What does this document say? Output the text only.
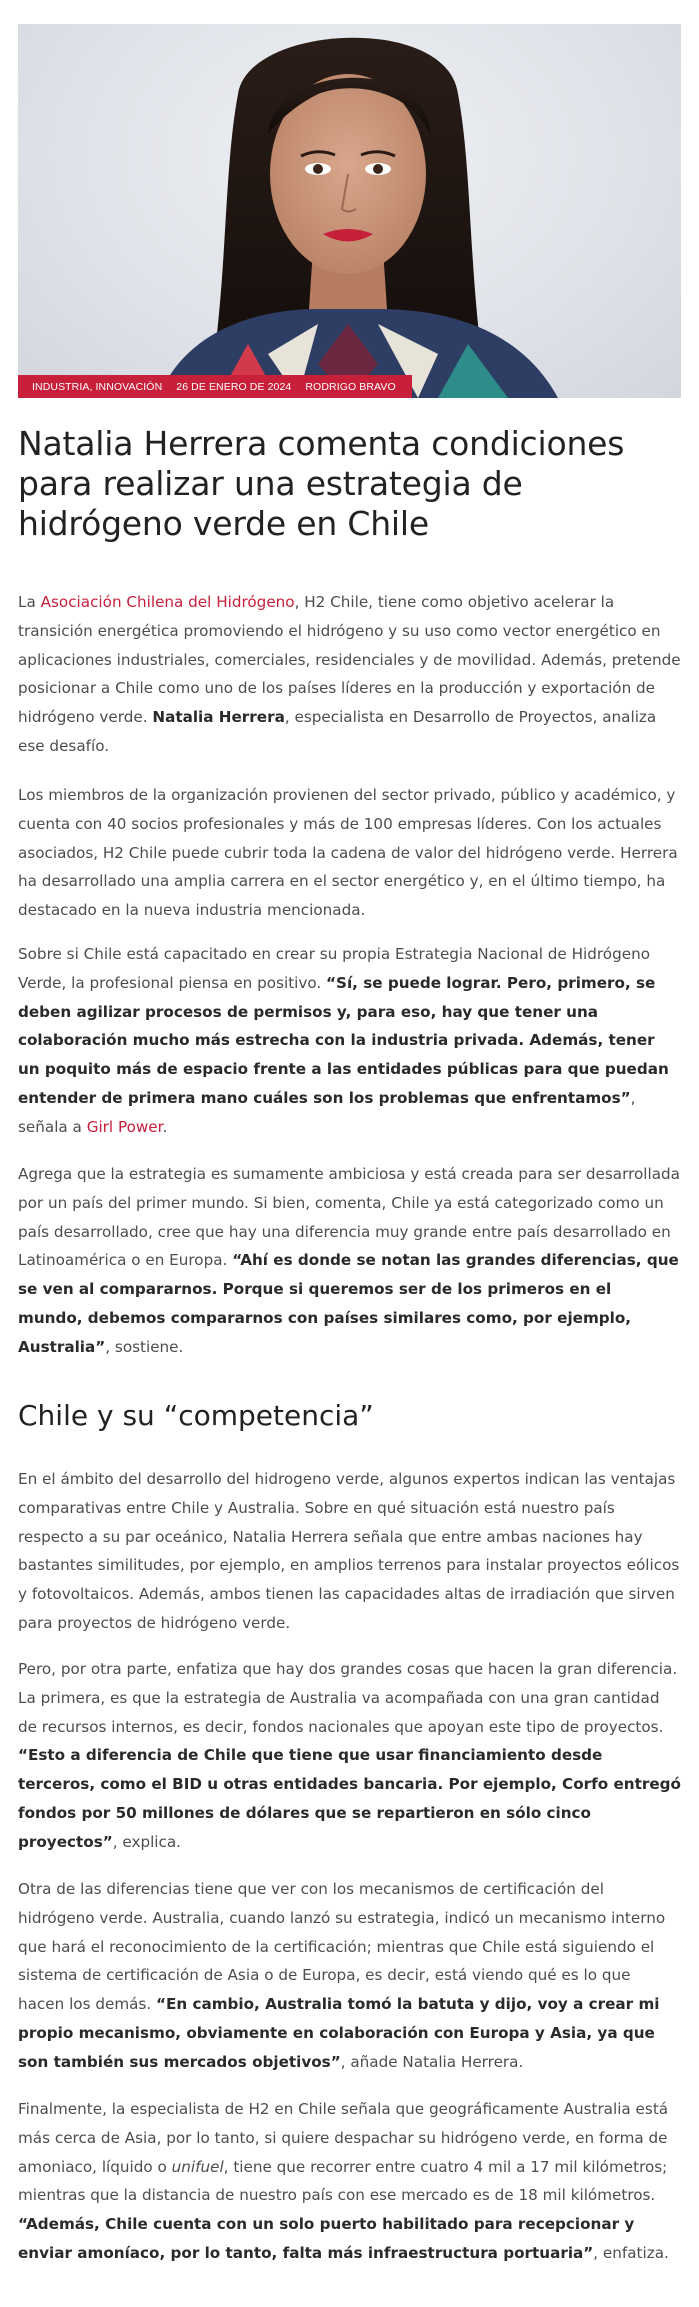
INDUSTRIA, INNOVACIÓN 26 DE ENERO DE 2024 RODRIGO BRAVO
Natalia Herrera comenta condiciones para realizar una estrategia de hidrógeno verde en Chile

La Asociación Chilena del Hidrógeno, H2 Chile, tiene como objetivo acelerar la transición energética promoviendo el hidrógeno y su uso como vector energético en aplicaciones industriales, comerciales, residenciales y de movilidad. Además, pretende posicionar a Chile como uno de los países líderes en la producción y exportación de hidrógeno verde. Natalia Herrera, especialista en Desarrollo de Proyectos, analiza ese desafío.

Los miembros de la organización provienen del sector privado, público y académico, y cuenta con 40 socios profesionales y más de 100 empresas líderes. Con los actuales asociados, H2 Chile puede cubrir toda la cadena de valor del hidrógeno verde. Herrera ha desarrollado una amplia carrera en el sector energético y, en el último tiempo, ha destacado en la nueva industria mencionada.

Sobre si Chile está capacitado en crear su propia Estrategia Nacional de Hidrógeno Verde, la profesional piensa en positivo. “Sí, se puede lograr. Pero, primero, se deben agilizar procesos de permisos y, para eso, hay que tener una colaboración mucho más estrecha con la industria privada. Además, tener un poquito más de espacio frente a las entidades públicas para que puedan entender de primera mano cuáles son los problemas que enfrentamos”, señala a Girl Power.

Agrega que la estrategia es sumamente ambiciosa y está creada para ser desarrollada por un país del primer mundo. Si bien, comenta, Chile ya está categorizado como un país desarrollado, cree que hay una diferencia muy grande entre país desarrollado en Latinoamérica o en Europa. “Ahí es donde se notan las grandes diferencias, que se ven al compararnos. Porque si queremos ser de los primeros en el mundo, debemos compararnos con países similares como, por ejemplo, Australia”, sostiene.

Chile y su “competencia”

En el ámbito del desarrollo del hidrogeno verde, algunos expertos indican las ventajas comparativas entre Chile y Australia. Sobre en qué situación está nuestro país respecto a su par oceánico, Natalia Herrera señala que entre ambas naciones hay bastantes similitudes, por ejemplo, en amplios terrenos para instalar proyectos eólicos y fotovoltaicos. Además, ambos tienen las capacidades altas de irradiación que sirven para proyectos de hidrógeno verde.

Pero, por otra parte, enfatiza que hay dos grandes cosas que hacen la gran diferencia. La primera, es que la estrategia de Australia va acompañada con una gran cantidad de recursos internos, es decir, fondos nacionales que apoyan este tipo de proyectos. “Esto a diferencia de Chile que tiene que usar financiamiento desde terceros, como el BID u otras entidades bancaria. Por ejemplo, Corfo entregó fondos por 50 millones de dólares que se repartieron en sólo cinco proyectos”, explica.

Otra de las diferencias tiene que ver con los mecanismos de certificación del hidrógeno verde. Australia, cuando lanzó su estrategia, indicó un mecanismo interno que hará el reconocimiento de la certificación; mientras que Chile está siguiendo el sistema de certificación de Asia o de Europa, es decir, está viendo qué es lo que hacen los demás. “En cambio, Australia tomó la batuta y dijo, voy a crear mi propio mecanismo, obviamente en colaboración con Europa y Asia, ya que son también sus mercados objetivos”, añade Natalia Herrera.

Finalmente, la especialista de H2 en Chile señala que geográficamente Australia está más cerca de Asia, por lo tanto, si quiere despachar su hidrógeno verde, en forma de amoniaco, líquido o unifuel, tiene que recorrer entre cuatro 4 mil a 17 mil kilómetros; mientras que la distancia de nuestro país con ese mercado es de 18 mil kilómetros. “Además, Chile cuenta con un solo puerto habilitado para recepcionar y enviar amoníaco, por lo tanto, falta más infraestructura portuaria”, enfatiza.
